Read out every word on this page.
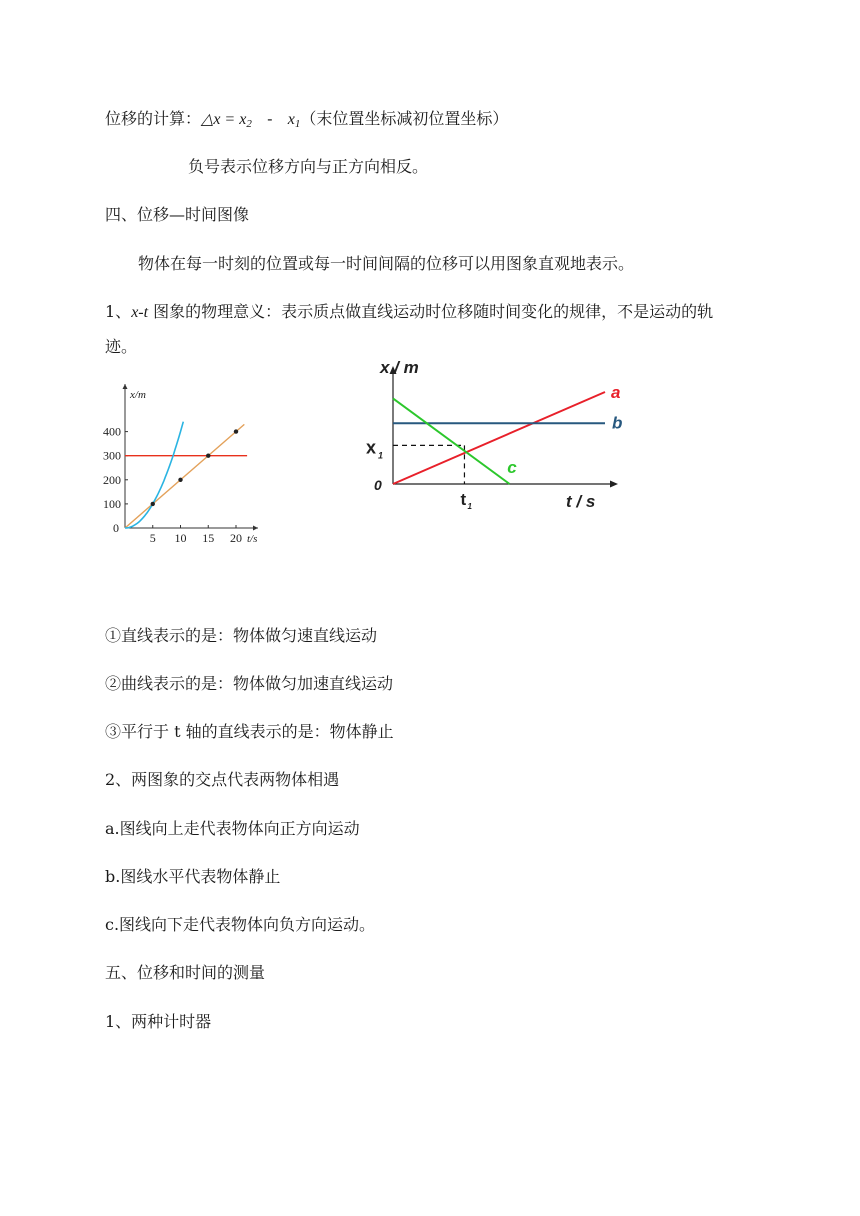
位移的计算：△x = $x_2 - x_1$（末位置坐标减初位置坐标）
负号表示位移方向与正方向相反。
四、位移—时间图像
物体在每一时刻的位置或每一时间间隔的位移可以用图象直观地表示。
1、x-t 图象的物理意义：表示质点做直线运动时位移随时间变化的规律，不是运动的轨
迹。
5 10 15 20
100
200
300
400
0
x/m
t/s
x / m
t / s
0
x 1
t 1
a
b
c
①直线表示的是：物体做匀速直线运动
②曲线表示的是：物体做匀加速直线运动
③平行于 t 轴的直线表示的是：物体静止
2、两图象的交点代表两物体相遇
a.图线向上走代表物体向正方向运动
b.图线水平代表物体静止
c.图线向下走代表物体向负方向运动。
五、位移和时间的测量
1、两种计时器
